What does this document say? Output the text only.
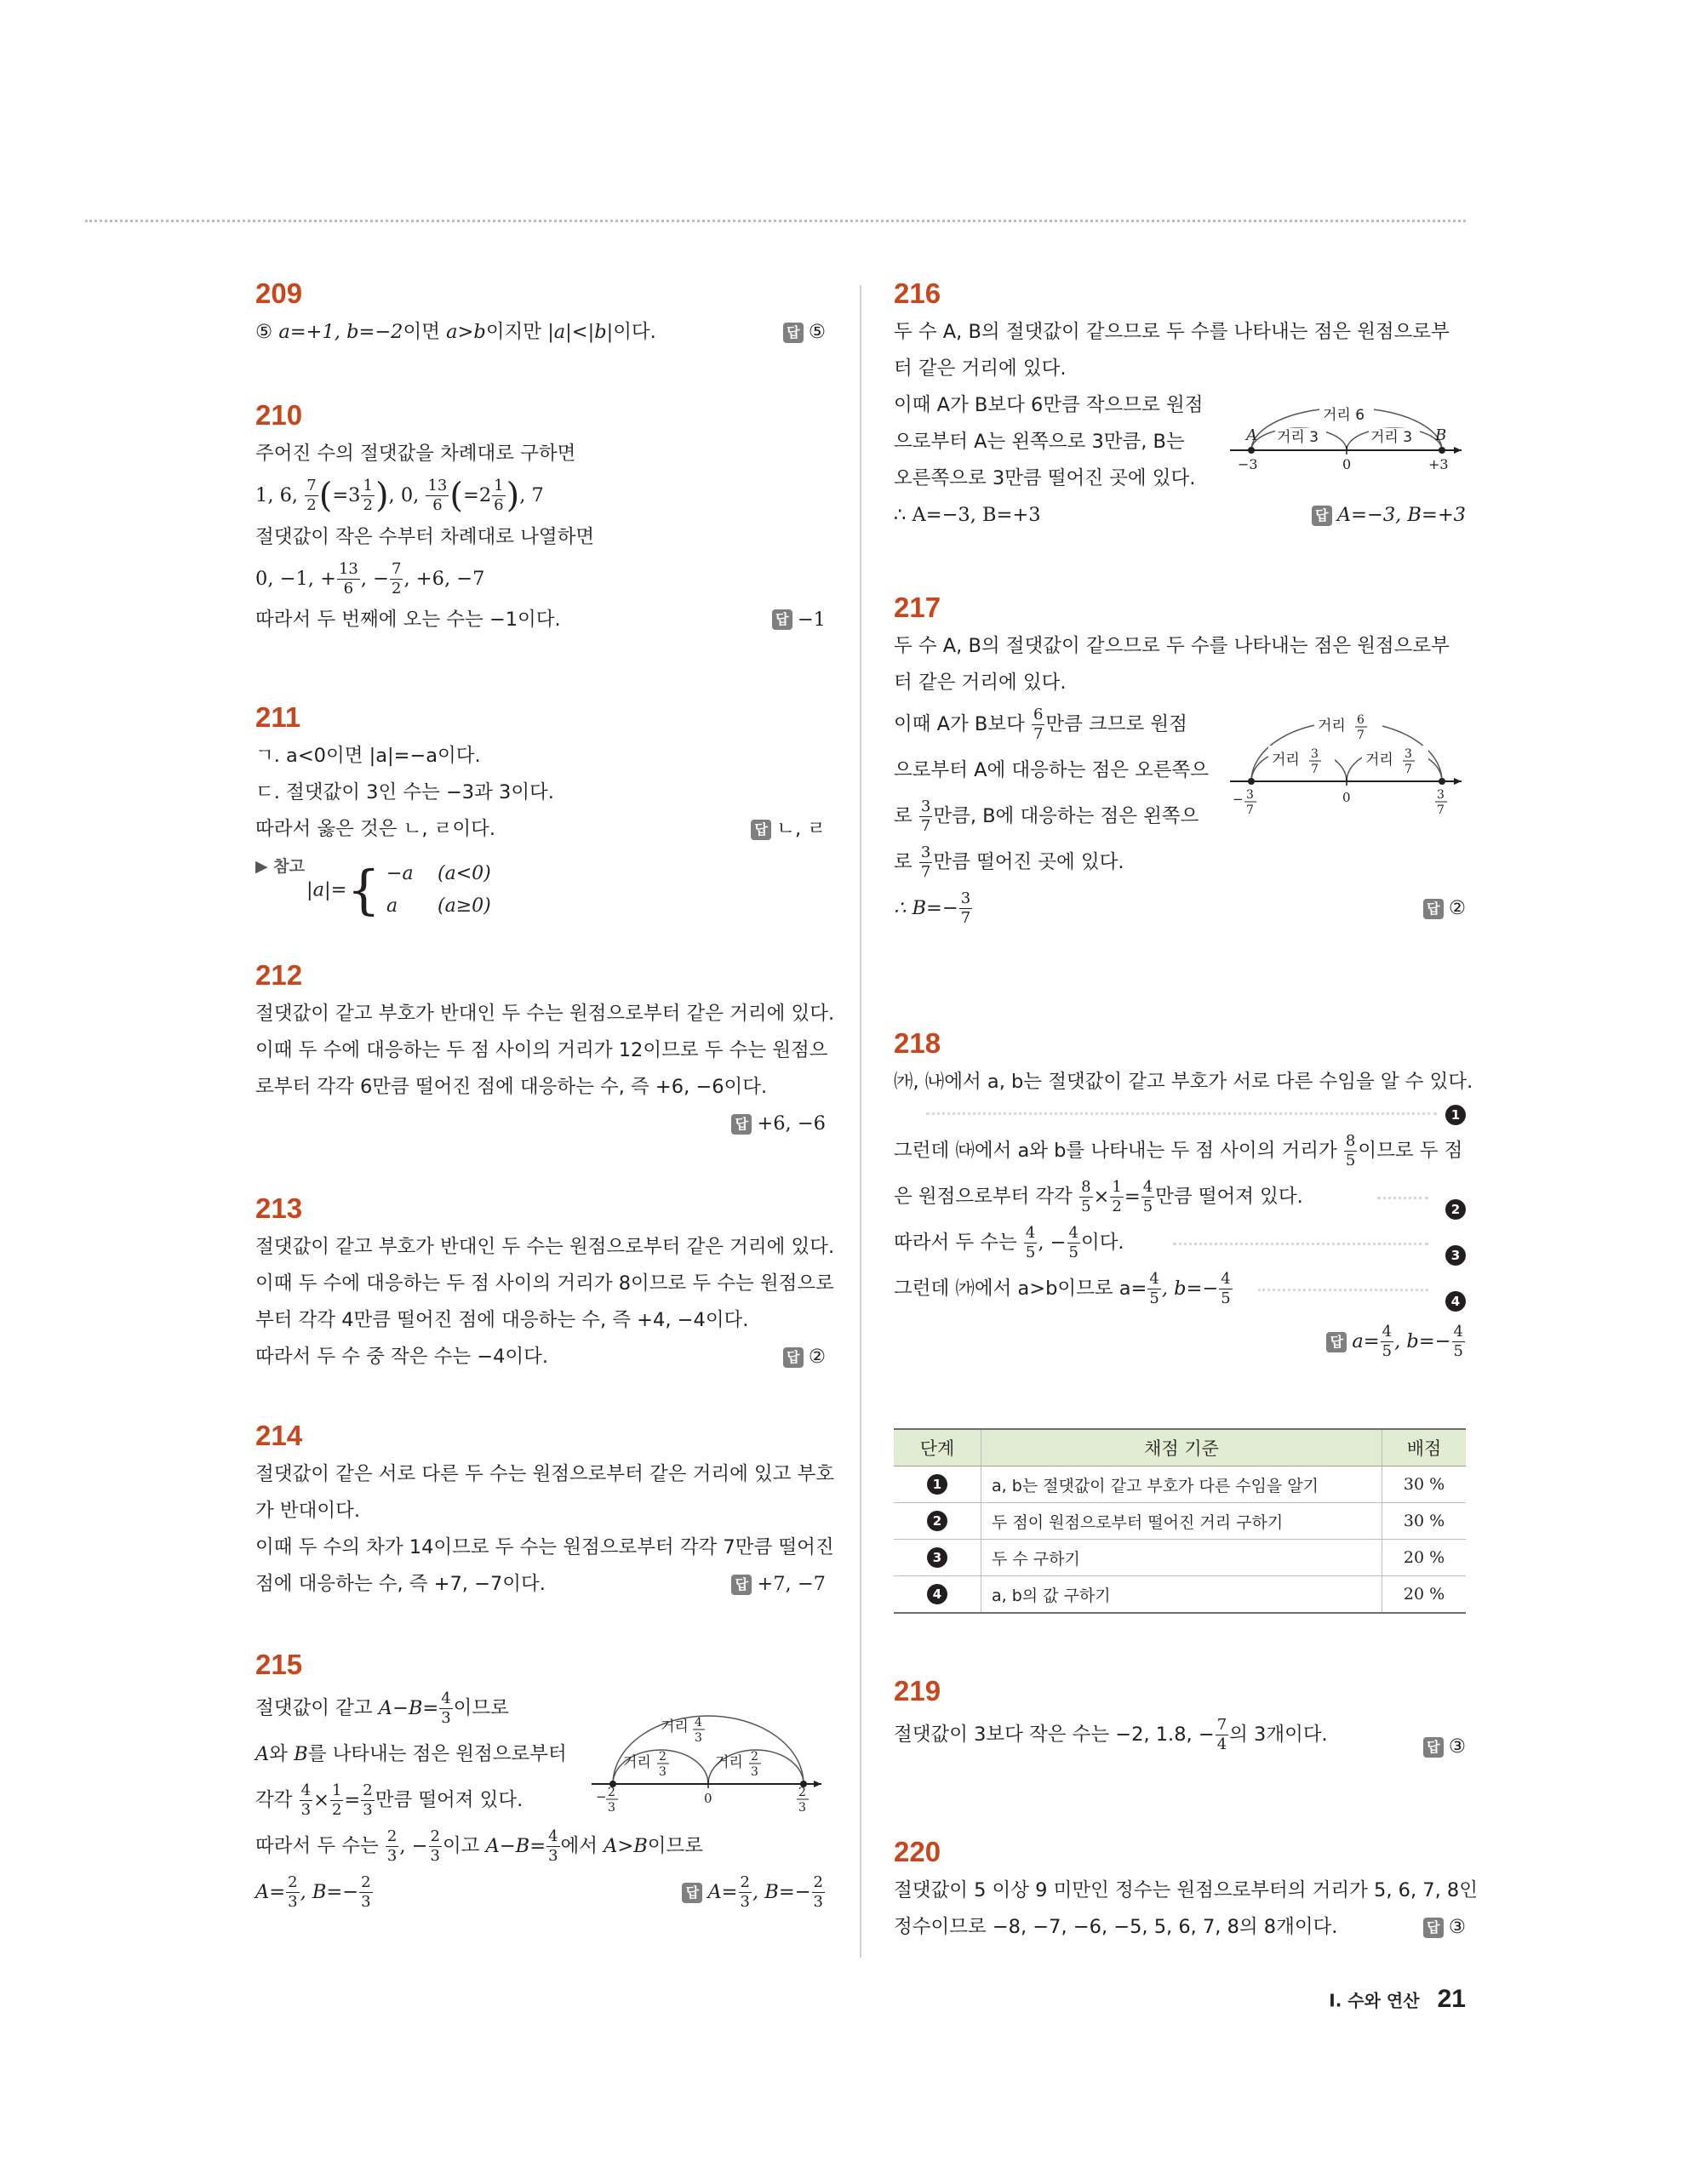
209
⑤ a=+1, b=−2이면 a>b이지만 |a|<|b|이다.	답 ⑤
210
주어진 수의 절댓값을 차례대로 구하면
1, 6, $\frac{7}{2} (=3 \frac{1}{2}$ ), 0, $\frac{13}{6} (=2 \frac{1}{6}$ ), 7
절댓값이 작은 수부터 차례대로 나열하면
0, −1, + $\frac{13}{6}$ , − $\frac{7}{2}$ , +6, −7
따라서 두 번째에 오는 수는 −1이다.	답 −1
211
ㄱ. a<0이면 |a|=−a이다.
ㄷ. 절댓값이 3인 수는 −3과 3이다.
따라서 옳은 것은 ㄴ, ㄹ이다.	답 ㄴ, ㄹ
▶ 참고
|a|={ −a (a<0)
a (a≥0)
212
절댓값이 같고 부호가 반대인 두 수는 원점으로부터 같은 거리에 있다.
이때 두 수에 대응하는 두 점 사이의 거리가 12이므로 두 수는 원점으
로부터 각각 6만큼 떨어진 점에 대응하는 수, 즉 +6, −6이다.
답 +6, −6
213
절댓값이 같고 부호가 반대인 두 수는 원점으로부터 같은 거리에 있다.
이때 두 수에 대응하는 두 점 사이의 거리가 8이므로 두 수는 원점으로
부터 각각 4만큼 떨어진 점에 대응하는 수, 즉 +4, −4이다.
따라서 두 수 중 작은 수는 −4이다.	답 ②
214
절댓값이 같은 서로 다른 두 수는 원점으로부터 같은 거리에 있고 부호
가 반대이다.
이때 두 수의 차가 14이므로 두 수는 원점으로부터 각각 7만큼 떨어진
점에 대응하는 수, 즉 +7, −7이다.	답 +7, −7
215
절댓값이 같고 $A-B= \frac{4}{3}$ 이므로
A와 B를 나타내는 점은 원점으로부터
각각 $\frac{4}{3} \times \frac{1}{2} = \frac{2}{3}$ 만큼 떨어져 있다.
따라서 두 수는 $\frac{2}{3}$ , − $\frac{2}{3}$ 이고 $A-B= \frac{4}{3}$ 에서 A>B이므로
$A= \frac{2}{3}$ , $B=- \frac{2}{3}$	답 $A= \frac{2}{3}$ , $B=- \frac{2}{3}$
거리 4
3
거리 2
3
거리 2
3
0
− 2
3
2
3
216
두 수 A, B의 절댓값이 같으므로 두 수를 나타내는 점은 원점으로부
터 같은 거리에 있다.
이때 A가 B보다 6만큼 작으므로 원점
으로부터 A는 왼쪽으로 3만큼, B는
오른쪽으로 3만큼 떨어진 곳에 있다.
∴ A=−3, B=+3	답 A=−3, B=+3
거리 6
거리 3	거리 3
A	B
−3	0	+3
217
두 수 A, B의 절댓값이 같으므로 두 수를 나타내는 점은 원점으로부
터 같은 거리에 있다.
이때 A가 B보다 $\frac{6}{7}$ 만큼 크므로 원점
으로부터 A에 대응하는 점은 오른쪽으
로 $\frac{3}{7}$ 만큼, B에 대응하는 점은 왼쪽으
로 $\frac{3}{7}$ 만큼 떨어진 곳에 있다.
∴ $B=- \frac{3}{7}$	답 ②
거리 6
7
거리 3
7
거리 3
7
0
− 3
7
3
7
218
㈎, ㈏에서 a, b는 절댓값이 같고 부호가 서로 다른 수임을 알 수 있다.
1
그런데 ㈐에서 a와 b를 나타내는 두 점 사이의 거리가 $\frac{8}{5}$ 이므로 두 점
은 원점으로부터 각각 $\frac{8}{5} \times \frac{1}{2} = \frac{4}{5}$ 만큼 떨어져 있다.
2
따라서 두 수는 $\frac{4}{5}$ , − $\frac{4}{5}$ 이다.
3
그런데 ㈎에서 a>b이므로 $a= \frac{4}{5}$ , $b=- \frac{4}{5}$	4
답 $a= \frac{4}{5}$ , $b=- \frac{4}{5}$
단계	채점 기준	배점
1	a, b는 절댓값이 같고 부호가 다른 수임을 알기	30 %
2	두 점이 원점으로부터 떨어진 거리 구하기	30 %
3	두 수 구하기	20 %
4	a, b의 값 구하기	20 %
219
절댓값이 3보다 작은 수는 −2, 1.8, − $\frac{7}{4}$ 의 3개이다.
답 ③
220
절댓값이 5 이상 9 미만인 정수는 원점으로부터의 거리가 5, 6, 7, 8인
정수이므로 −8, −7, −6, −5, 5, 6, 7, 8의 8개이다.	답 ③
I. 수와 연산 21
